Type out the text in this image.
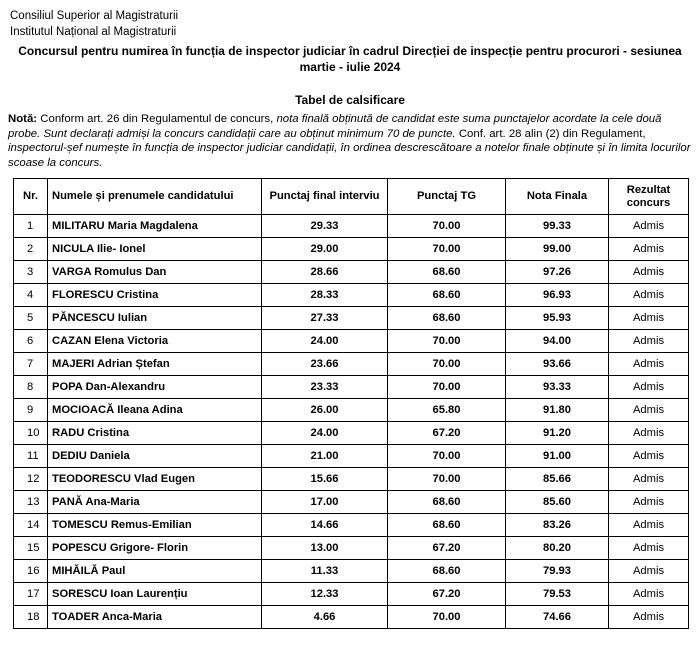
Consiliul Superior al Magistraturii
Institutul Național al Magistraturii
Concursul pentru numirea în funcția de inspector judiciar în cadrul Direcției de inspecție pentru procurori - sesiunea
martie - iulie 2024
Tabel de calsificare
Notă: Conform art. 26 din Regulamentul de concurs, nota finală obținută de candidat este suma punctajelor acordate la cele două probe. Sunt declarați admiși la concurs candidații care au obținut minimum 70 de puncte. Conf. art. 28 alin (2) din Regulament, inspectorul-șef numește în funcția de inspector judiciar candidații, în ordinea descrescătoare a notelor finale obținute și în limita locurilor scoase la concurs.
Nr.	Numele și prenumele candidatului	Punctaj final interviu	Punctaj TG	Nota Finala	Rezultat concurs
1	MILITARU Maria Magdalena	29.33	70.00	99.33	Admis
2	NICULA Ilie- Ionel	29.00	70.00	99.00	Admis
3	VARGA Romulus Dan	28.66	68.60	97.26	Admis
4	FLORESCU Cristina	28.33	68.60	96.93	Admis
5	PĂNCESCU Iulian	27.33	68.60	95.93	Admis
6	CAZAN Elena Victoria	24.00	70.00	94.00	Admis
7	MAJERI Adrian Ștefan	23.66	70.00	93.66	Admis
8	POPA Dan-Alexandru	23.33	70.00	93.33	Admis
9	MOCIOACĂ Ileana Adina	26.00	65.80	91.80	Admis
10	RADU Cristina	24.00	67.20	91.20	Admis
11	DEDIU Daniela	21.00	70.00	91.00	Admis
12	TEODORESCU Vlad Eugen	15.66	70.00	85.66	Admis
13	PANĂ Ana-Maria	17.00	68.60	85.60	Admis
14	TOMESCU Remus-Emilian	14.66	68.60	83.26	Admis
15	POPESCU Grigore- Florin	13.00	67.20	80.20	Admis
16	MIHĂILĂ Paul	11.33	68.60	79.93	Admis
17	SORESCU Ioan Laurențiu	12.33	67.20	79.53	Admis
18	TOADER Anca-Maria	4.66	70.00	74.66	Admis
